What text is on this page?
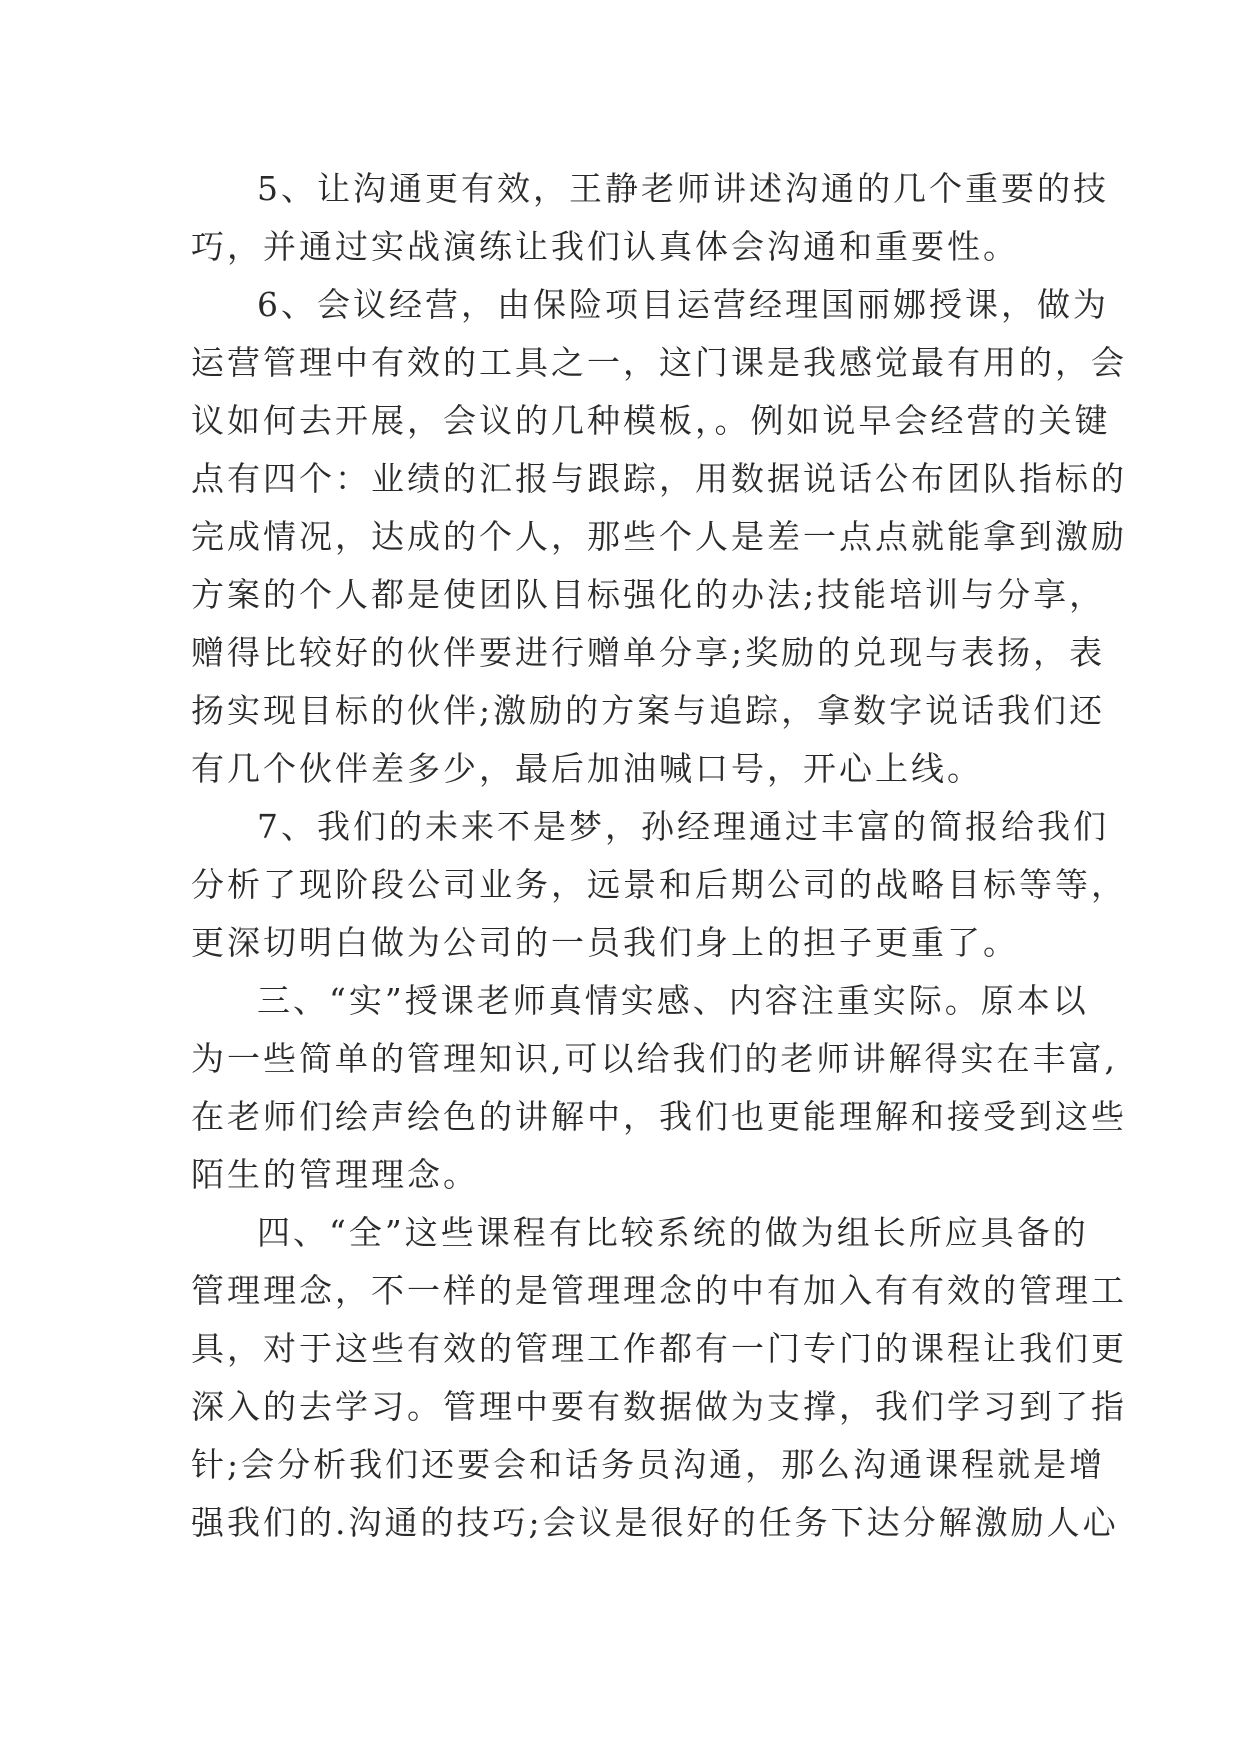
5、让沟通更有效，王静老师讲述沟通的几个重要的技
巧，并通过实战演练让我们认真体会沟通和重要性。
6、会议经营，由保险项目运营经理国丽娜授课，做为
运营管理中有效的工具之一，这门课是我感觉最有用的，会
议如何去开展，会议的几种模板，。例如说早会经营的关键
点有四个：业绩的汇报与跟踪，用数据说话公布团队指标的
完成情况，达成的个人，那些个人是差一点点就能拿到激励
方案的个人都是使团队目标强化的办法;技能培训与分享，
赠得比较好的伙伴要进行赠单分享;奖励的兑现与表扬，表
扬实现目标的伙伴;激励的方案与追踪，拿数字说话我们还
有几个伙伴差多少，最后加油喊口号，开心上线。
7、我们的未来不是梦，孙经理通过丰富的简报给我们
分析了现阶段公司业务，远景和后期公司的战略目标等等，
更深切明白做为公司的一员我们身上的担子更重了。
三、“实”授课老师真情实感、内容注重实际。原本以
为一些简单的管理知识,可以给我们的老师讲解得实在丰富,
在老师们绘声绘色的讲解中，我们也更能理解和接受到这些
陌生的管理理念。
四、“全”这些课程有比较系统的做为组长所应具备的
管理理念，不一样的是管理理念的中有加入有有效的管理工
具，对于这些有效的管理工作都有一门专门的课程让我们更
深入的去学习。管理中要有数据做为支撑，我们学习到了指
针;会分析我们还要会和话务员沟通，那么沟通课程就是增
强我们的.沟通的技巧;会议是很好的任务下达分解激励人心
